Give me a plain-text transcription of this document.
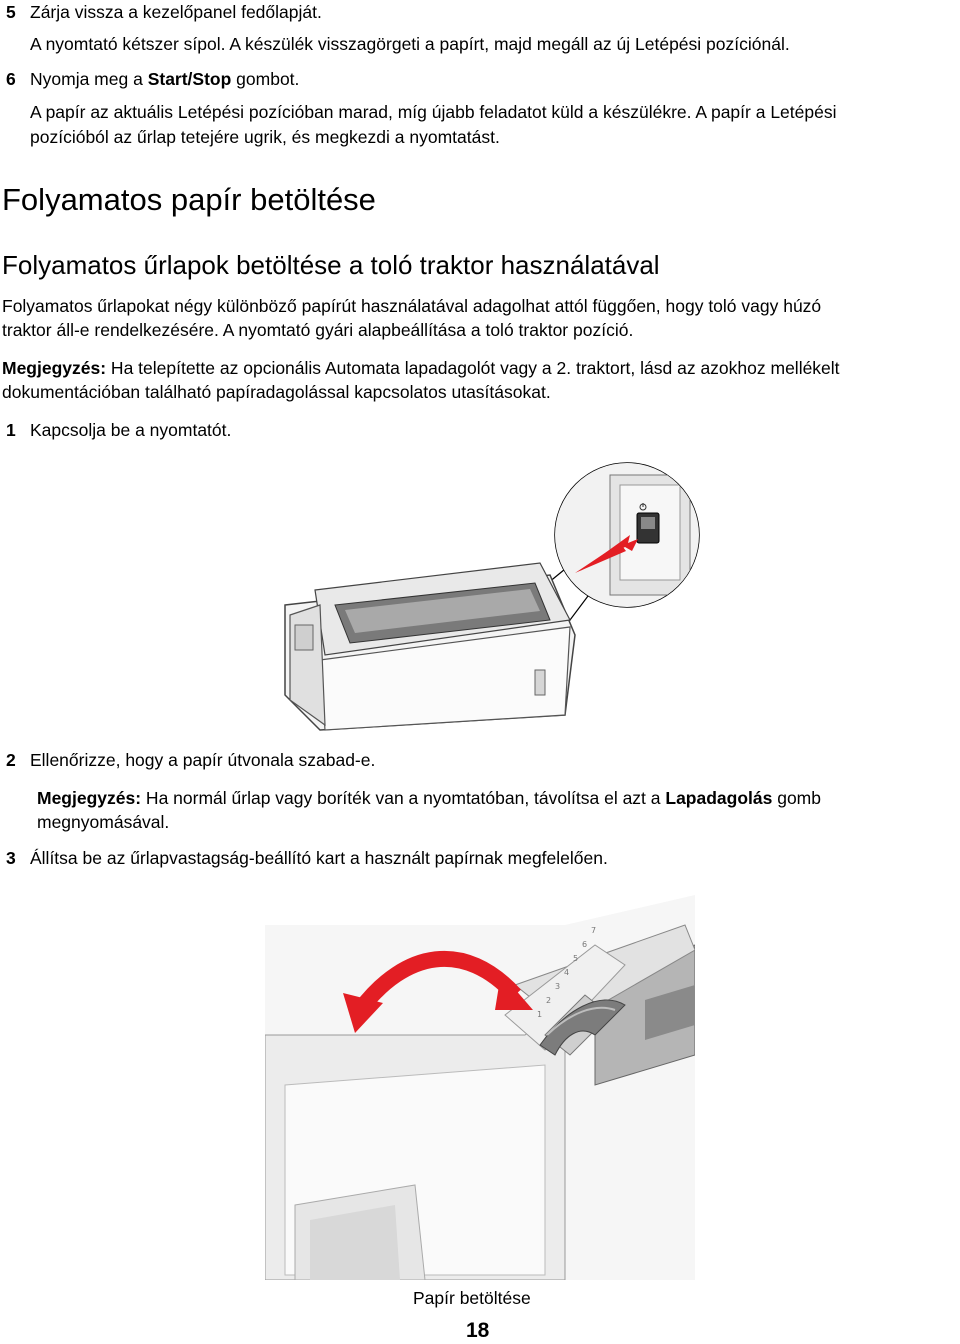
5 Zárja vissza a kezelőpanel fedőlapját.
A nyomtató kétszer sípol. A készülék visszagörgeti a papírt, majd megáll az új Letépési pozíciónál.
6 Nyomja meg a Start/Stop gombot.
A papír az aktuális Letépési pozícióban marad, míg újabb feladatot küld a készülékre. A papír a Letépési
pozícióból az űrlap tetejére ugrik, és megkezdi a nyomtatást.
Folyamatos papír betöltése
Folyamatos űrlapok betöltése a toló traktor használatával
Folyamatos űrlapokat négy különböző papírút használatával adagolhat attól függően, hogy toló vagy húzó
traktor áll-e rendelkezésére. A nyomtató gyári alapbeállítása a toló traktor pozíció.
Megjegyzés: Ha telepítette az opcionális Automata lapadagolót vagy a 2. traktort, lásd az azokhoz mellékelt
dokumentációban található papíradagolással kapcsolatos utasításokat.
1 Kapcsolja be a nyomtatót.
2 Ellenőrizze, hogy a papír útvonala szabad-e.
Megjegyzés: Ha normál űrlap vagy boríték van a nyomtatóban, távolítsa el azt a Lapadagolás gomb
megnyomásával.
3 Állítsa be az űrlapvastagság-beállító kart a használt papírnak megfelelően.
1
2
3
4
5
6
7
Papír betöltése
18
